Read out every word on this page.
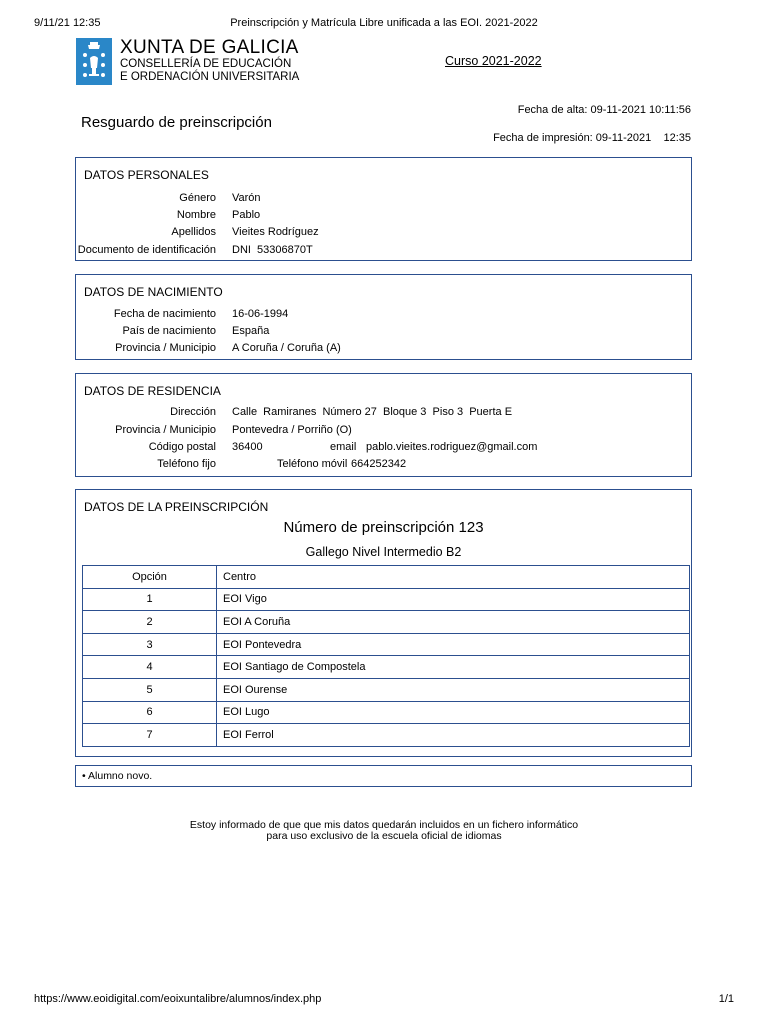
9/11/21 12:35	Preinscripción y Matrícula Libre unificada a las EOI. 2021-2022
XUNTA DE GALICIA
CONSELLERÍA DE EDUCACIÓN
E ORDENACIÓN UNIVERSITARIA
Curso 2021-2022
Resguardo de preinscripción
Fecha de alta: 09-11-2021 10:11:56
Fecha de impresión: 09-11-2021    12:35
DATOS PERSONALES
Género Varón
Nombre Pablo
Apellidos Vieites Rodríguez
Documento de identificación DNI  53306870T
DATOS DE NACIMIENTO
Fecha de nacimiento 16-06-1994
País de nacimiento España
Provincia / Municipio A Coruña / Coruña (A)
DATOS DE RESIDENCIA
Dirección Calle  Ramiranes  Número 27  Bloque 3  Piso 3  Puerta E
Provincia / Municipio Pontevedra / Porriño (O)
Código postal 36400	email pablo.vieites.rodriguez@gmail.com
Teléfono fijo	Teléfono móvil 664252342
DATOS DE LA PREINSCRIPCIÓN
Número de preinscripción 123
Gallego Nivel Intermedio B2
Opción	Centro
1	EOI Vigo
2	EOI A Coruña
3	EOI Pontevedra
4	EOI Santiago de Compostela
5	EOI Ourense
6	EOI Lugo
7	EOI Ferrol
• Alumno novo.
Estoy informado de que que mis datos quedarán incluidos en un fichero informático
para uso exclusivo de la escuela oficial de idiomas
https://www.eoidigital.com/eoixuntalibre/alumnos/index.php	1/1
